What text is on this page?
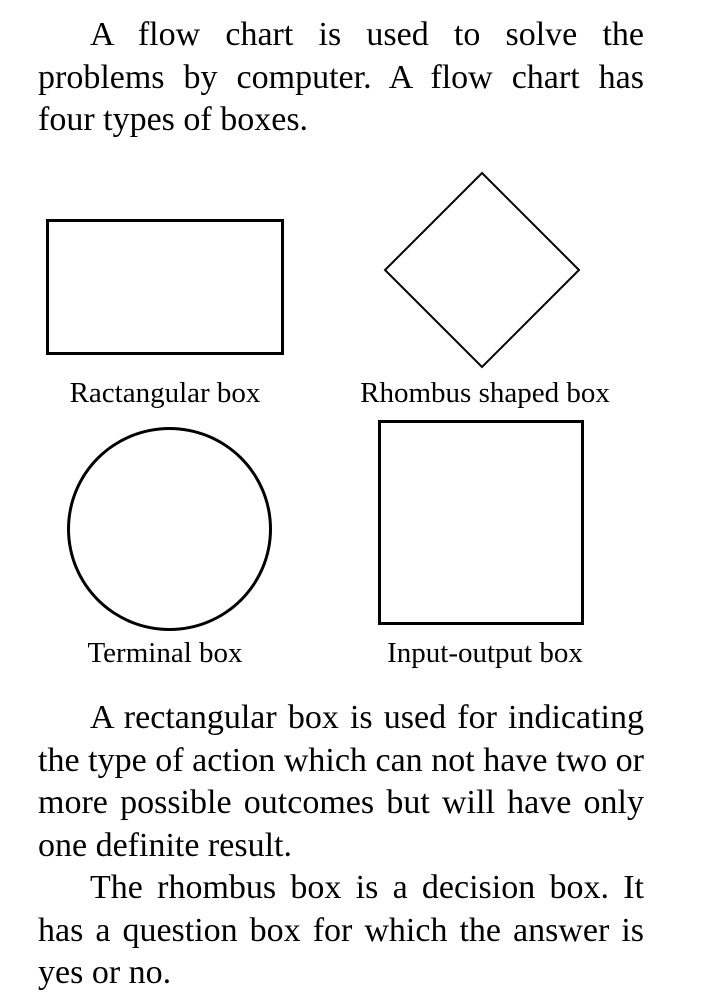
A flow chart is used to solve the problems by computer. A flow chart has four types of boxes.

Ractangular box	Rhombus shaped box
Terminal box	Input-output box

A rectangular box is used for indicating the type of action which can not have two or more possible outcomes but will have only one definite result.

The rhombus box is a decision box. It has a question box for which the answer is yes or no.
